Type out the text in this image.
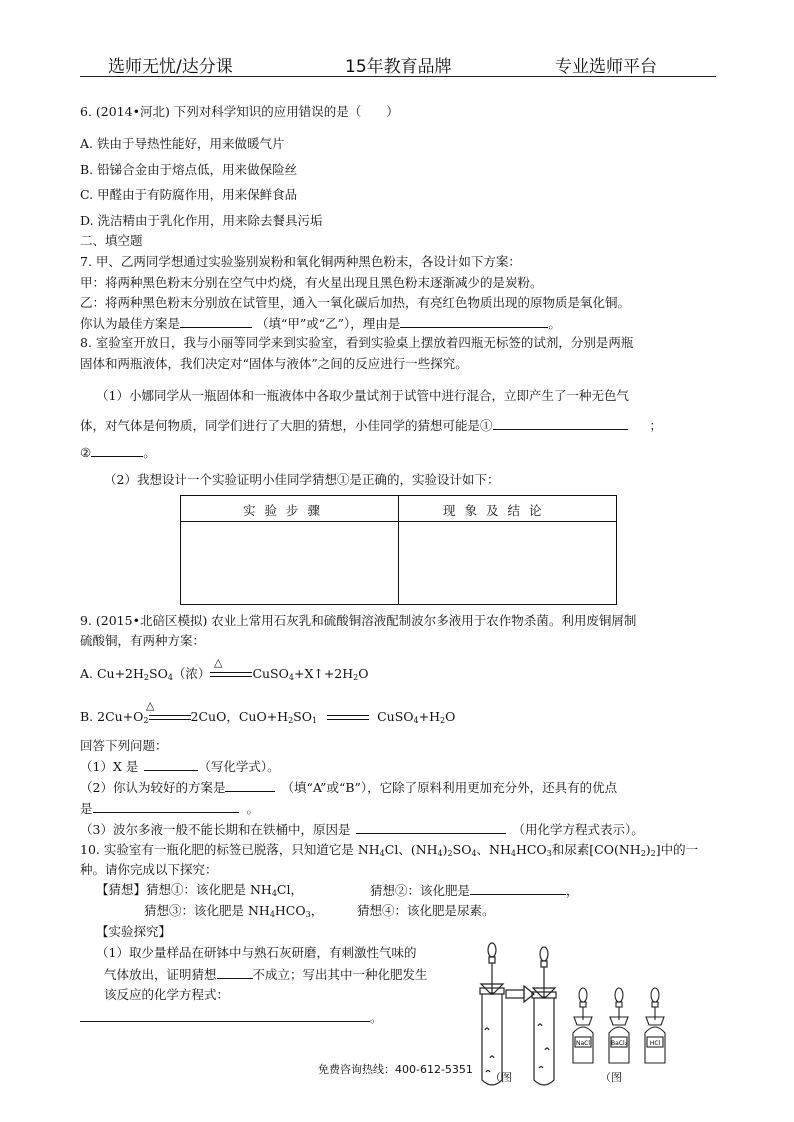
选师无忧/达分课	15年教育品牌	专业选师平台
6. (2014•河北) 下列对科学知识的应用错误的是（　　）
A. 铁由于导热性能好，用来做暖气片
B. 铅锑合金由于熔点低，用来做保险丝
C. 甲醛由于有防腐作用，用来保鲜食品
D. 洗洁精由于乳化作用，用来除去餐具污垢
二、填空题
7. 甲、乙两同学想通过实验鉴别炭粉和氧化铜两种黑色粉末，各设计如下方案：
甲：将两种黑色粉末分别在空气中灼烧，有火星出现且黑色粉末逐渐减少的是炭粉。
乙：将两种黑色粉末分别放在试管里，通入一氧化碳后加热，有亮红色物质出现的原物质是氧化铜。
你认为最佳方案是	（填“甲”或“乙”），理由是	。
8. 室验室开放日，我与小丽等同学来到实验室，看到实验桌上摆放着四瓶无标签的试剂，分别是两瓶
固体和两瓶液体，我们决定对“固体与液体”之间的反应进行一些探究。
（1）小娜同学从一瓶固体和一瓶液体中各取少量试剂于试管中进行混合，立即产生了一种无色气
体，对气体是何物质，同学们进行了大胆的猜想，小佳同学的猜想可能是①	；
②	。
（2）我想设计一个实验证明小佳同学猜想①是正确的，实验设计如下：
实验步骤	现象及结论
9. (2015•北碚区模拟) 农业上常用石灰乳和硫酸铜溶液配制波尔多液用于农作物杀菌。利用废铜屑制
硫酸铜，有两种方案：
A. $Cu+2H_2SO_4$（浓）	$CuSO_4+X↑+2H_2O$
△
B. $2Cu+O_2$	2CuO，$CuO+H_2SO_1$	$CuSO_4+H_2O$
△
回答下列问题：
（1）X 是	（写化学式）。
（2）你认为较好的方案是	（填“A”或“B”），它除了原料利用更加充分外，还具有的优点
是	。
（3）波尔多液一般不能长期和在铁桶中，原因是	（用化学方程式表示）。
10. 实验室有一瓶化肥的标签已脱落，只知道它是 $NH_4Cl$、$(NH_4)_2SO_4$、$NH_4HCO_3$和尿素$[CO(NH_2)_2]$中的一
种。请你完成以下探究：
【猜想】猜想①：该化肥是 $NH_4Cl$，	猜想②：该化肥是	，
猜想③：该化肥是 $NH_4HCO_3$，	猜想④：该化肥是尿素。
【实验探究】
（1）取少量样品在研钵中与熟石灰研磨，有刺激性气味的
气体放出，证明猜想	不成立；写出其中一种化肥发生
该反应的化学方程式：
。
NaCl	BaCl₂	HCl
（图	（图
免费咨询热线：400-612-5351
